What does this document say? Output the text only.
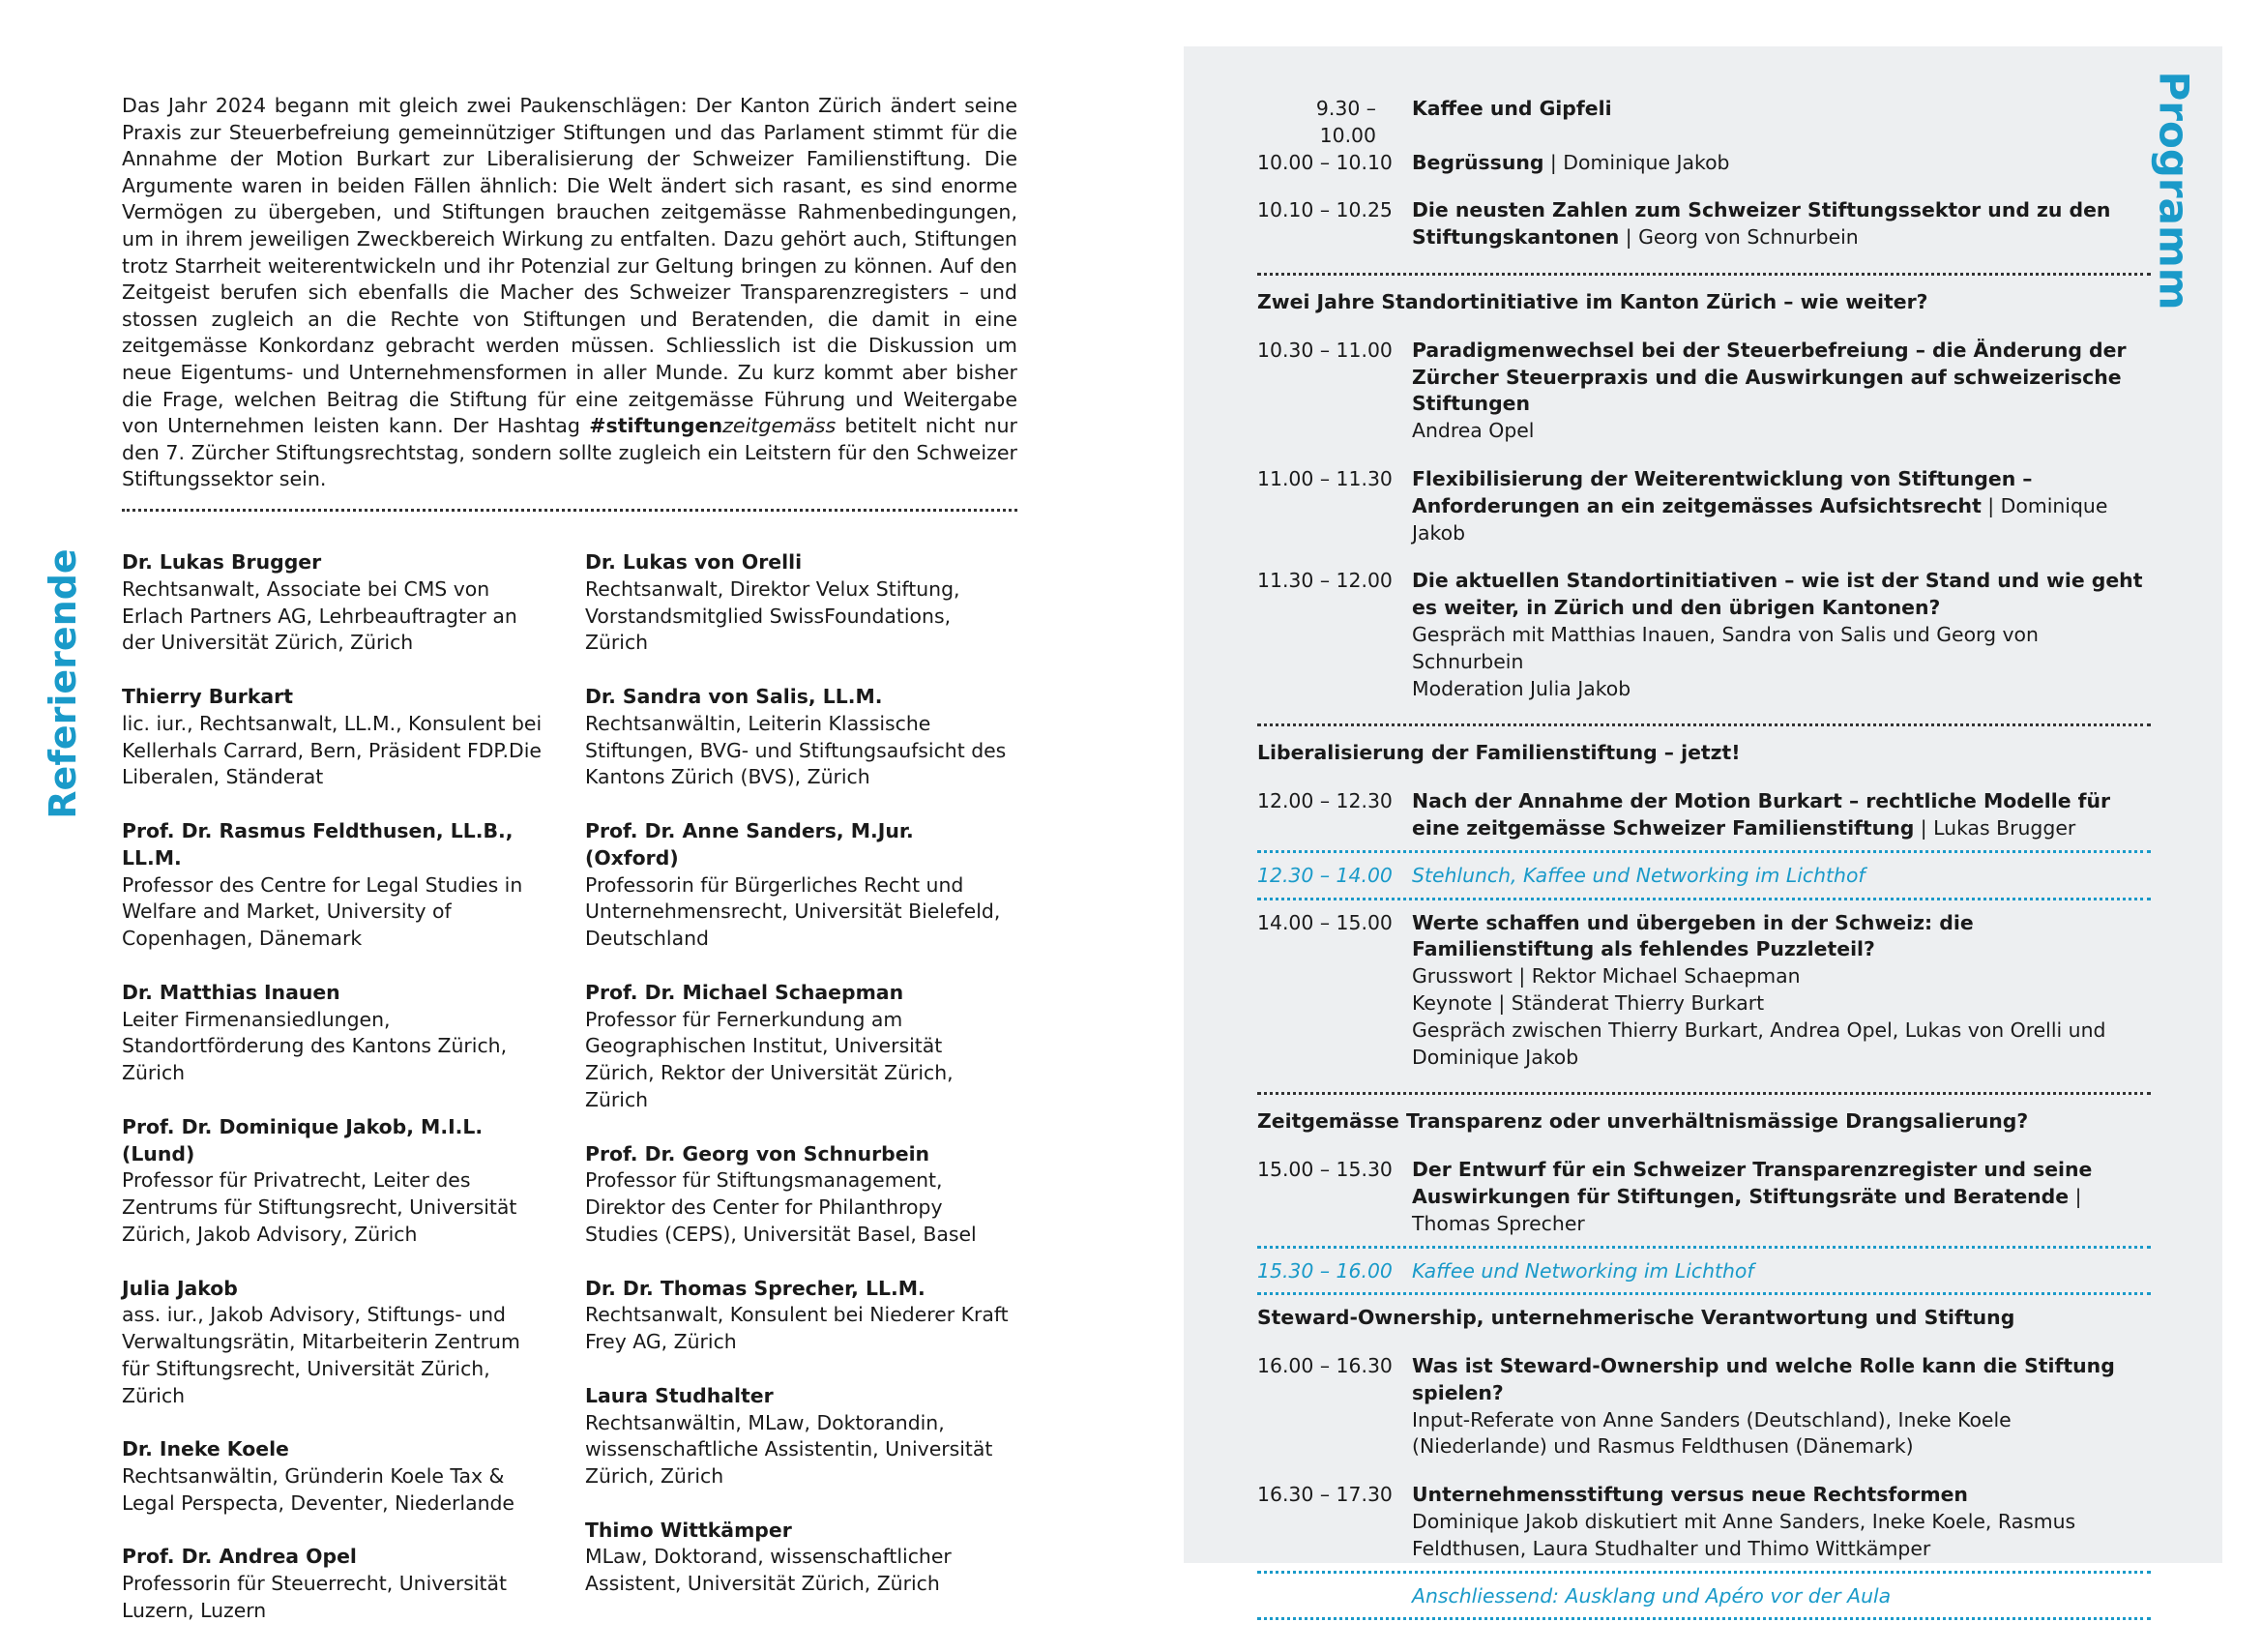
Das Jahr 2024 begann mit gleich zwei Paukenschlägen: Der Kanton Zürich ändert seine Praxis zur Steuerbefreiung gemeinnütziger Stiftungen und das Parlament stimmt für die Annahme der Motion Burkart zur Liberalisierung der Schweizer Familienstiftung. Die Argumente waren in beiden Fällen ähnlich: Die Welt ändert sich rasant, es sind enorme Vermögen zu übergeben, und Stiftungen brauchen zeitgemässe Rahmenbedingungen, um in ihrem jeweiligen Zweckbereich Wirkung zu entfalten. Dazu gehört auch, Stiftungen trotz Starrheit weiterentwickeln und ihr Potenzial zur Geltung bringen zu können. Auf den Zeitgeist berufen sich ebenfalls die Macher des Schweizer Transparenzregisters – und stossen zugleich an die Rechte von Stiftungen und Beratenden, die damit in eine zeitgemässe Konkordanz gebracht werden müssen. Schliesslich ist die Diskussion um neue Eigentums- und Unternehmensformen in aller Munde. Zu kurz kommt aber bisher die Frage, welchen Beitrag die Stiftung für eine zeitgemässe Führung und Weitergabe von Unternehmen leisten kann. Der Hashtag #stiftungenzeitgemäss betitelt nicht nur den 7. Zürcher Stiftungsrechtstag, sondern sollte zugleich ein Leitstern für den Schweizer Stiftungssektor sein.
Referierende Dr. Lukas Brugger
Rechtsanwalt, Associate bei CMS von Erlach Partners AG, Lehrbeauftragter an der Universität Zürich, Zürich
Thierry Burkart
lic. iur., Rechtsanwalt, LL.M., Konsulent bei Kellerhals Carrard, Bern, Präsident FDP.Die Liberalen, Ständerat
Prof. Dr. Rasmus Feldthusen, LL.B., LL.M.
Professor des Centre for Legal Studies in Welfare and Market, University of Copenhagen, Dänemark
Dr. Matthias Inauen
Leiter Firmenansiedlungen, Standortförderung des Kantons Zürich, Zürich
Prof. Dr. Dominique Jakob, M.I.L. (Lund)
Professor für Privatrecht, Leiter des Zentrums für Stiftungsrecht, Universität Zürich, Jakob Advisory, Zürich
Julia Jakob
ass. iur., Jakob Advisory, Stiftungs- und Verwaltungsrätin, Mitarbeiterin Zentrum für Stiftungsrecht, Universität Zürich, Zürich
Dr. Ineke Koele
Rechtsanwältin, Gründerin Koele Tax & Legal Perspecta, Deventer, Niederlande
Prof. Dr. Andrea Opel
Professorin für Steuerrecht, Universität Luzern, Luzern
Dr. Lukas von Orelli
Rechtsanwalt, Direktor Velux Stiftung, Vorstandsmitglied SwissFoundations, Zürich
Dr. Sandra von Salis, LL.M.
Rechtsanwältin, Leiterin Klassische Stiftungen, BVG- und Stiftungsaufsicht des Kantons Zürich (BVS), Zürich
Prof. Dr. Anne Sanders, M.Jur. (Oxford)
Professorin für Bürgerliches Recht und Unternehmensrecht, Universität Bielefeld, Deutschland
Prof. Dr. Michael Schaepman
Professor für Fernerkundung am Geographischen Institut, Universität Zürich, Rektor der Universität Zürich, Zürich
Prof. Dr. Georg von Schnurbein
Professor für Stiftungsmanagement, Direktor des Center for Philanthropy Studies (CEPS), Universität Basel, Basel
Dr. Dr. Thomas Sprecher, LL.M.
Rechtsanwalt, Konsulent bei Niederer Kraft Frey AG, Zürich
Laura Studhalter
Rechtsanwältin, MLaw, Doktorandin, wissenschaftliche Assistentin, Universität Zürich, Zürich
Thimo Wittkämper
MLaw, Doktorand, wissenschaftlicher Assistent, Universität Zürich, Zürich
Programm
9.30 – 10.00
Kaffee und Gipfeli
10.00 – 10.10 Begrüssung | Dominique Jakob
10.10 – 10.25 Die neusten Zahlen zum Schweizer Stiftungssektor und zu den Stiftungskantonen | Georg von Schnurbein
Zwei Jahre Standortinitiative im Kanton Zürich – wie weiter?
10.30 – 11.00 Paradigmenwechsel bei der Steuerbefreiung – die Änderung der Zürcher Steuerpraxis und die Auswirkungen auf schweizerische Stiftungen
Andrea Opel
11.00 – 11.30 Flexibilisierung der Weiterentwicklung von Stiftungen – Anforderungen an ein zeitgemässes Aufsichtsrecht | Dominique Jakob
11.30 – 12.00 Die aktuellen Standortinitiativen – wie ist der Stand und wie geht es weiter, in Zürich und den übrigen Kantonen?
Gespräch mit Matthias Inauen, Sandra von Salis und Georg von Schnurbein
Moderation Julia Jakob
Liberalisierung der Familienstiftung – jetzt!
12.00 – 12.30 Nach der Annahme der Motion Burkart – rechtliche Modelle für eine zeitgemässe Schweizer Familienstiftung | Lukas Brugger
12.30 – 14.00 Stehlunch, Kaffee und Networking im Lichthof
14.00 – 15.00 Werte schaffen und übergeben in der Schweiz: die Familienstiftung als fehlendes Puzzleteil?
Grusswort | Rektor Michael Schaepman
Keynote | Ständerat Thierry Burkart
Gespräch zwischen Thierry Burkart, Andrea Opel, Lukas von Orelli und Dominique Jakob
Zeitgemässe Transparenz oder unverhältnismässige Drangsalierung?
15.00 – 15.30 Der Entwurf für ein Schweizer Transparenzregister und seine Auswirkungen für Stiftungen, Stiftungsräte und Beratende | Thomas Sprecher
15.30 – 16.00 Kaffee und Networking im Lichthof
Steward-Ownership, unternehmerische Verantwortung und Stiftung
16.00 – 16.30 Was ist Steward-Ownership und welche Rolle kann die Stiftung spielen?
Input-Referate von Anne Sanders (Deutschland), Ineke Koele (Niederlande) und Rasmus Feldthusen (Dänemark)
16.30 – 17.30 Unternehmensstiftung versus neue Rechtsformen
Dominique Jakob diskutiert mit Anne Sanders, Ineke Koele, Rasmus Feldthusen, Laura Studhalter und Thimo Wittkämper
Anschliessend: Ausklang und Apéro vor der Aula
